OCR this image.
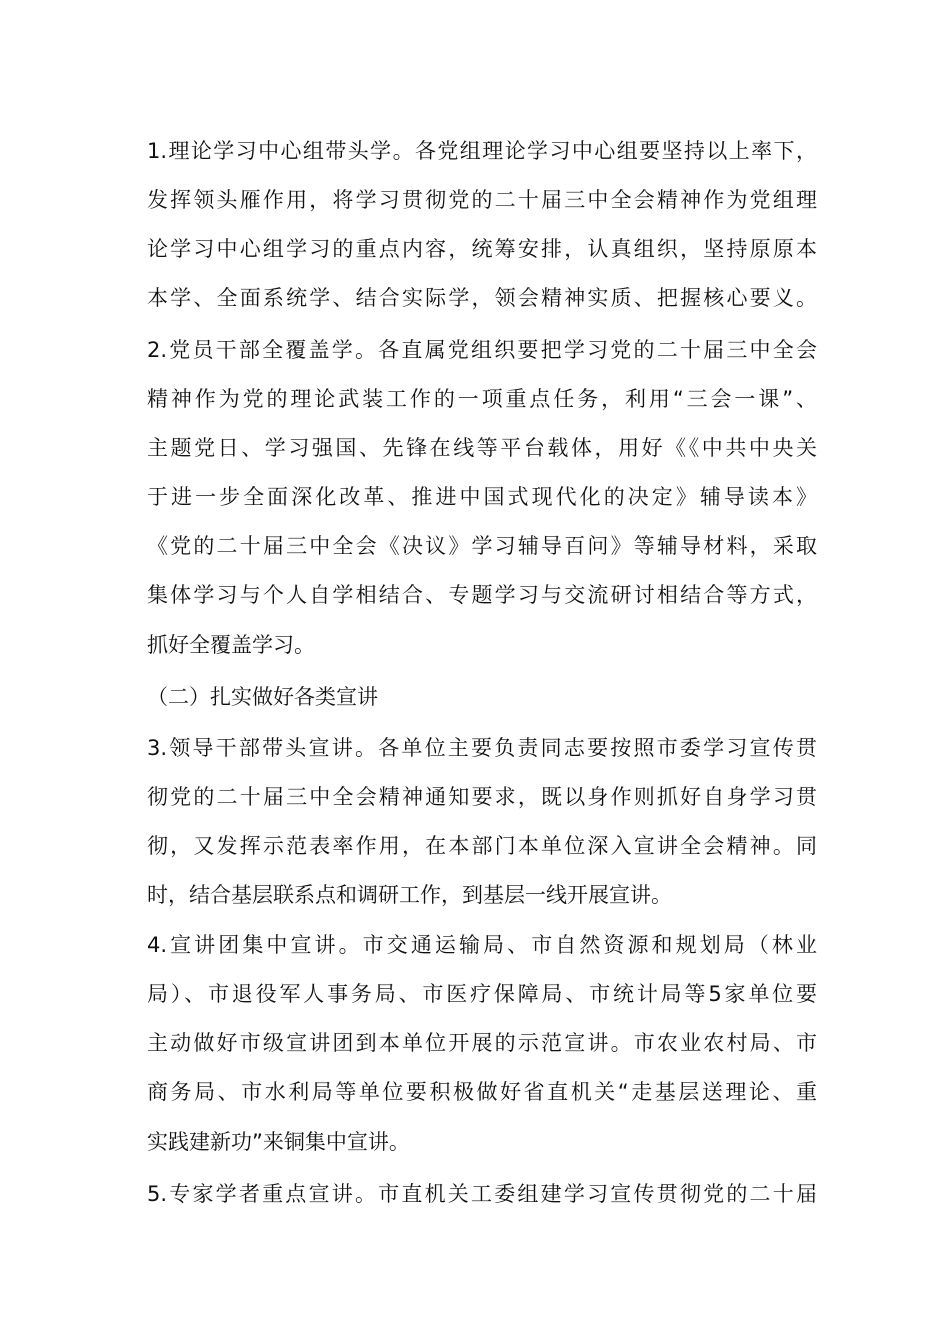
1.理论学习中心组带头学。各党组理论学习中心组要坚持以上率下，
发挥领头雁作用，将学习贯彻党的二十届三中全会精神作为党组理
论学习中心组学习的重点内容，统筹安排，认真组织，坚持原原本
本学、全面系统学、结合实际学，领会精神实质、把握核心要义。
2.党员干部全覆盖学。各直属党组织要把学习党的二十届三中全会
精神作为党的理论武装工作的一项重点任务，利用“三会一课”、
主题党日、学习强国、先锋在线等平台载体，用好《《中共中央关
于进一步全面深化改革、推进中国式现代化的决定》辅导读本》
《党的二十届三中全会《决议》学习辅导百问》等辅导材料，采取
集体学习与个人自学相结合、专题学习与交流研讨相结合等方式，
抓好全覆盖学习。
（二）扎实做好各类宣讲
3.领导干部带头宣讲。各单位主要负责同志要按照市委学习宣传贯
彻党的二十届三中全会精神通知要求，既以身作则抓好自身学习贯
彻，又发挥示范表率作用，在本部门本单位深入宣讲全会精神。同
时，结合基层联系点和调研工作，到基层一线开展宣讲。
4.宣讲团集中宣讲。市交通运输局、市自然资源和规划局（林业
局）、市退役军人事务局、市医疗保障局、市统计局等5家单位要
主动做好市级宣讲团到本单位开展的示范宣讲。市农业农村局、市
商务局、市水利局等单位要积极做好省直机关“走基层送理论、重
实践建新功”来铜集中宣讲。
5.专家学者重点宣讲。市直机关工委组建学习宣传贯彻党的二十届
